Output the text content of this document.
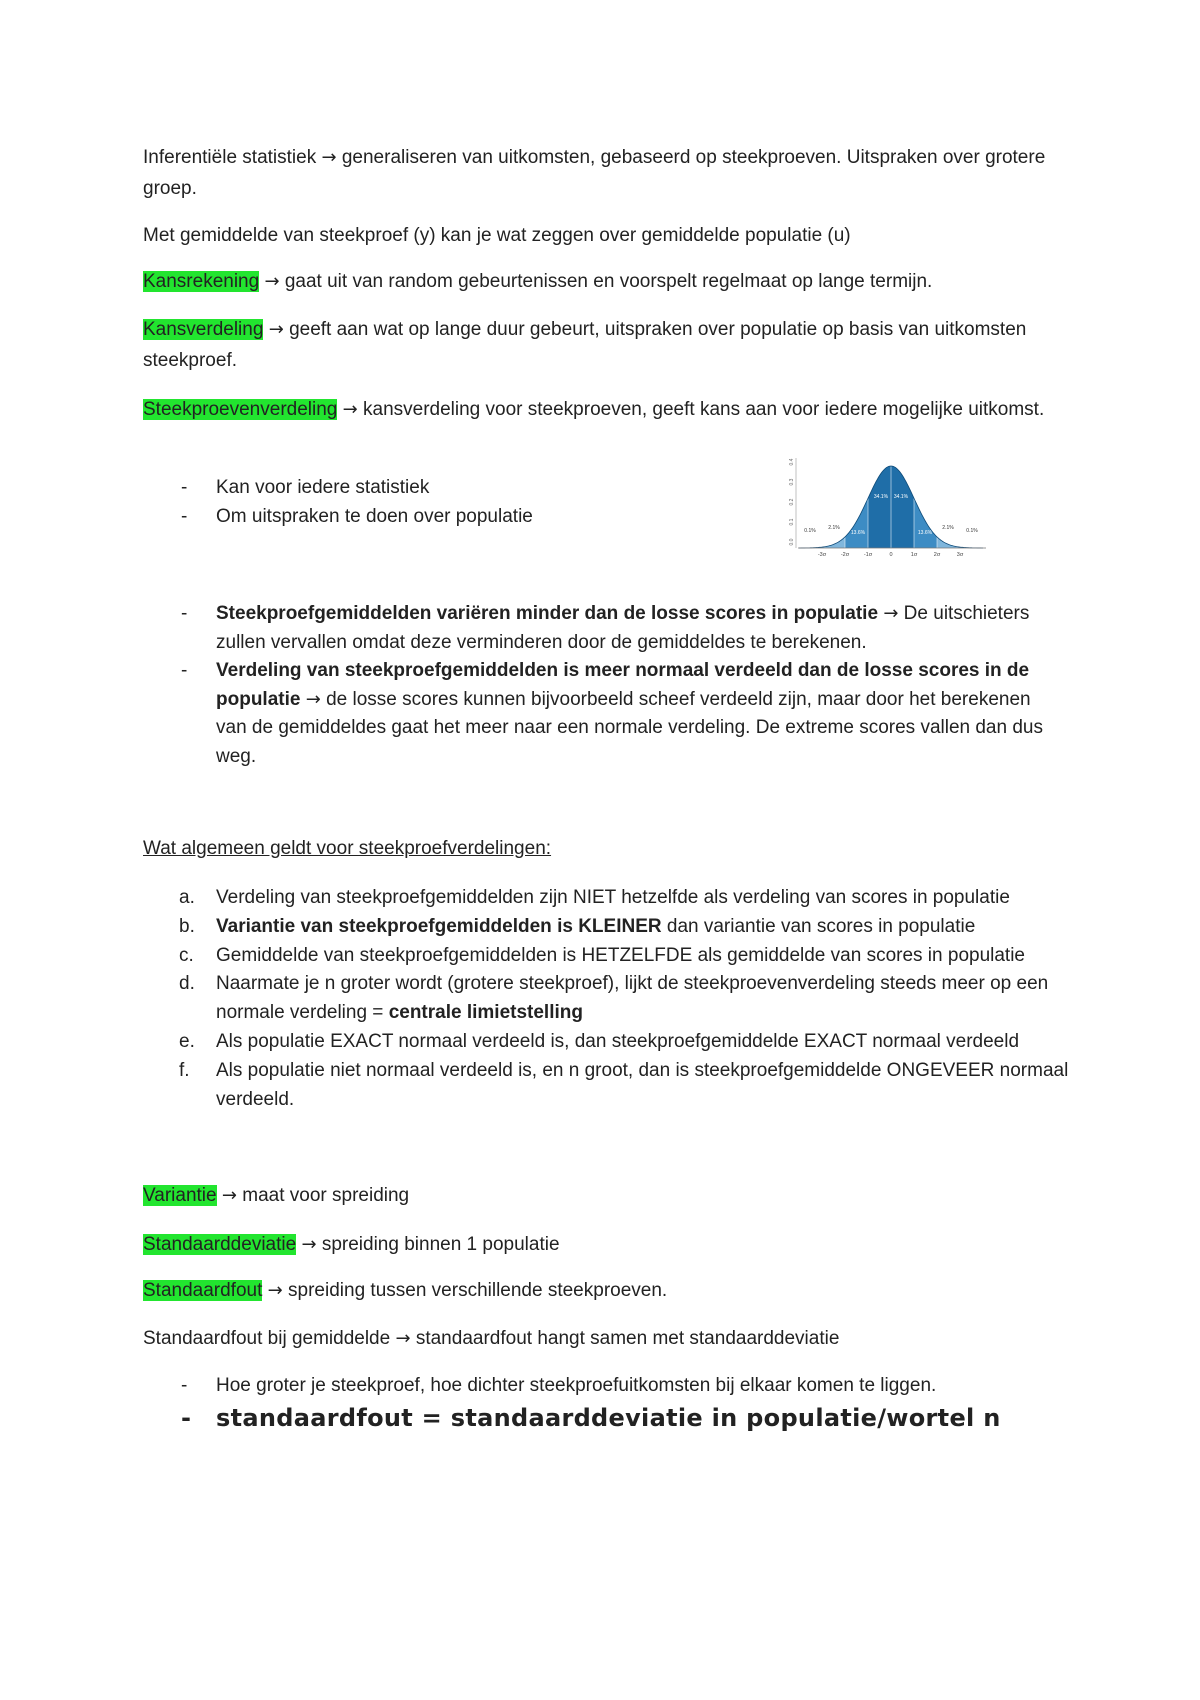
Inferentiële statistiek → generaliseren van uitkomsten, gebaseerd op steekproeven. Uitspraken over grotere groep.

Met gemiddelde van steekproef (y) kan je wat zeggen over gemiddelde populatie (u)

Kansrekening → gaat uit van random gebeurtenissen en voorspelt regelmaat op lange termijn.

Kansverdeling → geeft aan wat op lange duur gebeurt, uitspraken over populatie op basis van uitkomsten steekproef.

Steekproevenverdeling → kansverdeling voor steekproeven, geeft kans aan voor iedere mogelijke uitkomst.

- Kan voor iedere statistiek
- Om uitspraken te doen over populatie
0.4
0.3
0.2
0.1
0.0
-3σ	-2σ	-1σ	0	1σ	2σ	3σ
0.1%	2.1%
13.6%
34.1% 34.1%
13.6%
2.1%	0.1%
- Steekproefgemiddelden variëren minder dan de losse scores in populatie → De uitschieters zullen vervallen omdat deze verminderen door de gemiddeldes te berekenen.
- Verdeling van steekproefgemiddelden is meer normaal verdeeld dan de losse scores in de populatie → de losse scores kunnen bijvoorbeeld scheef verdeeld zijn, maar door het berekenen van de gemiddeldes gaat het meer naar een normale verdeling. De extreme scores vallen dan dus weg.

Wat algemeen geldt voor steekproefverdelingen:

a. Verdeling van steekproefgemiddelden zijn NIET hetzelfde als verdeling van scores in populatie
b. Variantie van steekproefgemiddelden is KLEINER dan variantie van scores in populatie
c. Gemiddelde van steekproefgemiddelden is HETZELFDE als gemiddelde van scores in populatie
d. Naarmate je n groter wordt (grotere steekproef), lijkt de steekproevenverdeling steeds meer op een normale verdeling = centrale limietstelling
e. Als populatie EXACT normaal verdeeld is, dan steekproefgemiddelde EXACT normaal verdeeld
f. Als populatie niet normaal verdeeld is, en n groot, dan is steekproefgemiddelde ONGEVEER normaal verdeeld.

Variantie → maat voor spreiding

Standaarddeviatie → spreiding binnen 1 populatie

Standaardfout → spreiding tussen verschillende steekproeven.

Standaardfout bij gemiddelde → standaardfout hangt samen met standaarddeviatie

- Hoe groter je steekproef, hoe dichter steekproefuitkomsten bij elkaar komen te liggen.
- standaardfout = standaarddeviatie in populatie/wortel n
